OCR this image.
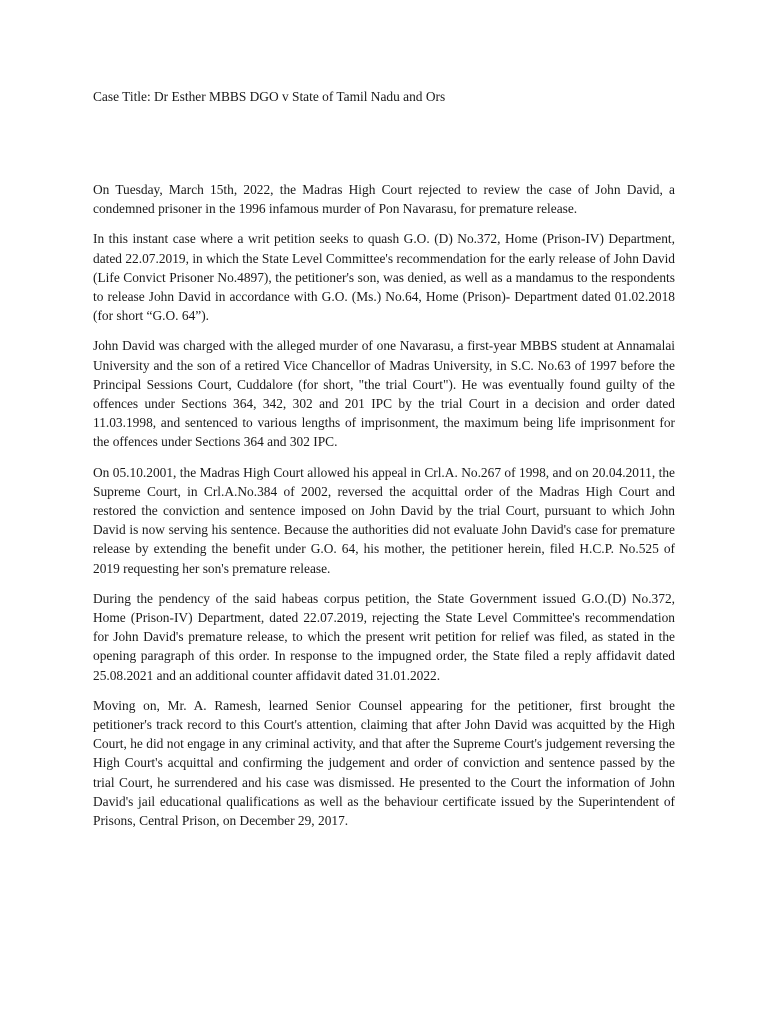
Case Title: Dr Esther MBBS DGO v State of Tamil Nadu and Ors

On Tuesday, March 15th, 2022, the Madras High Court rejected to review the case of John David, a condemned prisoner in the 1996 infamous murder of Pon Navarasu, for premature release.

In this instant case where a writ petition seeks to quash G.O. (D) No.372, Home (Prison-IV) Department, dated 22.07.2019, in which the State Level Committee's recommendation for the early release of John David (Life Convict Prisoner No.4897), the petitioner's son, was denied, as well as a mandamus to the respondents to release John David in accordance with G.O. (Ms.) No.64, Home (Prison)- Department dated 01.02.2018 (for short “G.O. 64”).

John David was charged with the alleged murder of one Navarasu, a first-year MBBS student at Annamalai University and the son of a retired Vice Chancellor of Madras University, in S.C. No.63 of 1997 before the Principal Sessions Court, Cuddalore (for short, "the trial Court"). He was eventually found guilty of the offences under Sections 364, 342, 302 and 201 IPC by the trial Court in a decision and order dated 11.03.1998, and sentenced to various lengths of imprisonment, the maximum being life imprisonment for the offences under Sections 364 and 302 IPC.

On 05.10.2001, the Madras High Court allowed his appeal in Crl.A. No.267 of 1998, and on 20.04.2011, the Supreme Court, in Crl.A.No.384 of 2002, reversed the acquittal order of the Madras High Court and restored the conviction and sentence imposed on John David by the trial Court, pursuant to which John David is now serving his sentence. Because the authorities did not evaluate John David's case for premature release by extending the benefit under G.O. 64, his mother, the petitioner herein, filed H.C.P. No.525 of 2019 requesting her son's premature release.

During the pendency of the said habeas corpus petition, the State Government issued G.O.(D) No.372, Home (Prison-IV) Department, dated 22.07.2019, rejecting the State Level Committee's recommendation for John David's premature release, to which the present writ petition for relief was filed, as stated in the opening paragraph of this order. In response to the impugned order, the State filed a reply affidavit dated 25.08.2021 and an additional counter affidavit dated 31.01.2022.

Moving on, Mr. A. Ramesh, learned Senior Counsel appearing for the petitioner, first brought the petitioner's track record to this Court's attention, claiming that after John David was acquitted by the High Court, he did not engage in any criminal activity, and that after the Supreme Court's judgement reversing the High Court's acquittal and confirming the judgement and order of conviction and sentence passed by the trial Court, he surrendered and his case was dismissed. He presented to the Court the information of John David's jail educational qualifications as well as the behaviour certificate issued by the Superintendent of Prisons, Central Prison, on December 29, 2017.
